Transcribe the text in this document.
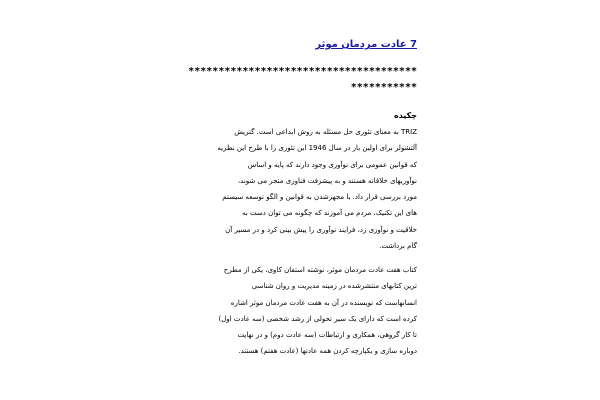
7 عادت مردمان موثر
**************************************
***********
چکیده

TRIZ به معنای تئوری حل مسئله به روش ابداعی است. گنریش
آلتشولر برای اولین بار در سال 1946 این تئوری را با طرح این نظریه
که قوانین عمومی برای نوآوری وجود دارند که پایه و اساس
نوآوریهای خلاقانه هستند و به پیشرفت فناوری منجر می شوند،
مورد بررسی قرار داد. با مجهزشدن به قوانین و الگو توسعه سیستم
های این تکنیک، مردم می آموزند که چگونه می توان دست به
خلاقیت و نوآوری زد، فرایند نوآوری را پیش بینی کرد و در مسیر آن
گام برداشت.

کتاب هفت عادت مردمان موثر، نوشته استفان کاوی، یکی از مطرح
ترین کتابهای منتشرشده در زمینه مدیریت و روان شناسی
انسانهاست که نویسنده در آن به هفت عادت مردمان موثر اشاره
کرده است که دارای یک سیر تحولی از رشد شخصی (سه عادت اول)
تا کار گروهی، همکاری و ارتباطات (سه عادت دوم) و در نهایت
دوباره سازی و یکپارچه کردن همه عادتها (عادت هفتم) هستند.
